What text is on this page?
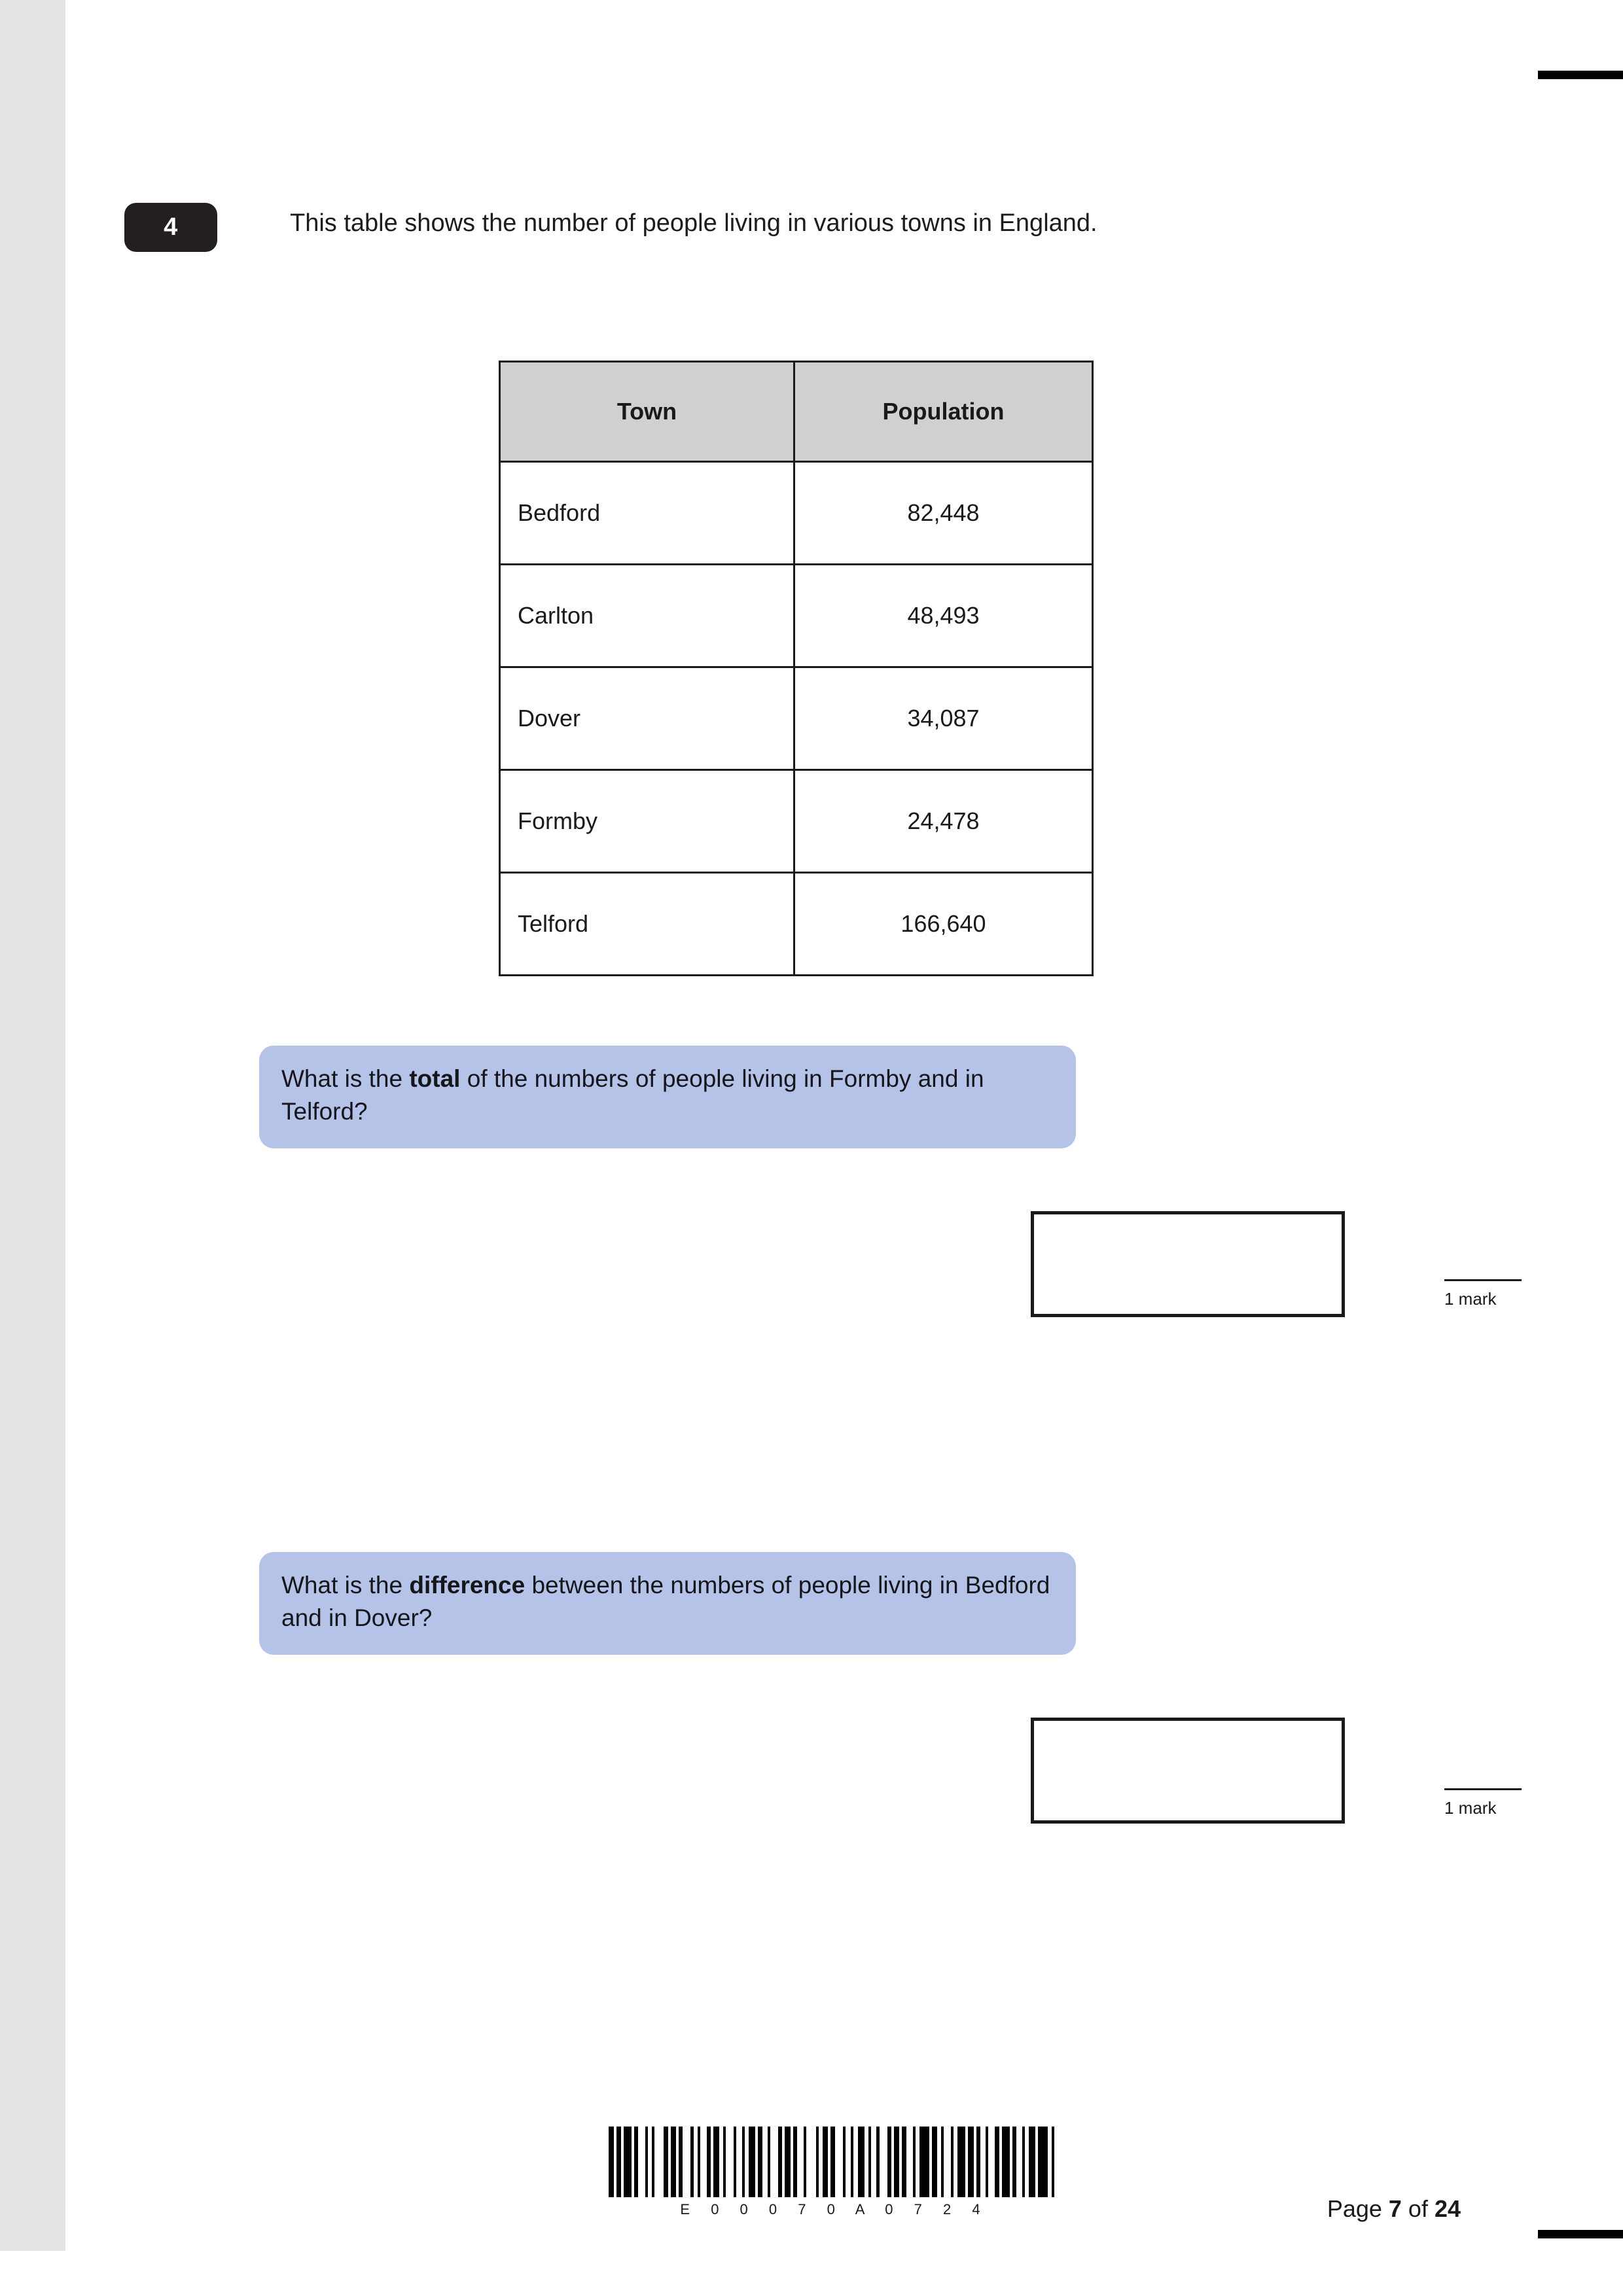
4	This table shows the number of people living in various towns in England.
Town	Population
Bedford	82,448
Carlton	48,493
Dover	34,087
Formby	24,478
Telford	166,640
What is the total of the numbers of people living in Formby and in Telford?
1 mark
What is the difference between the numbers of people living in Bedford and in Dover?
1 mark
E 0 0 0 7 0 A 0 7 2 4	Page 7 of 24
